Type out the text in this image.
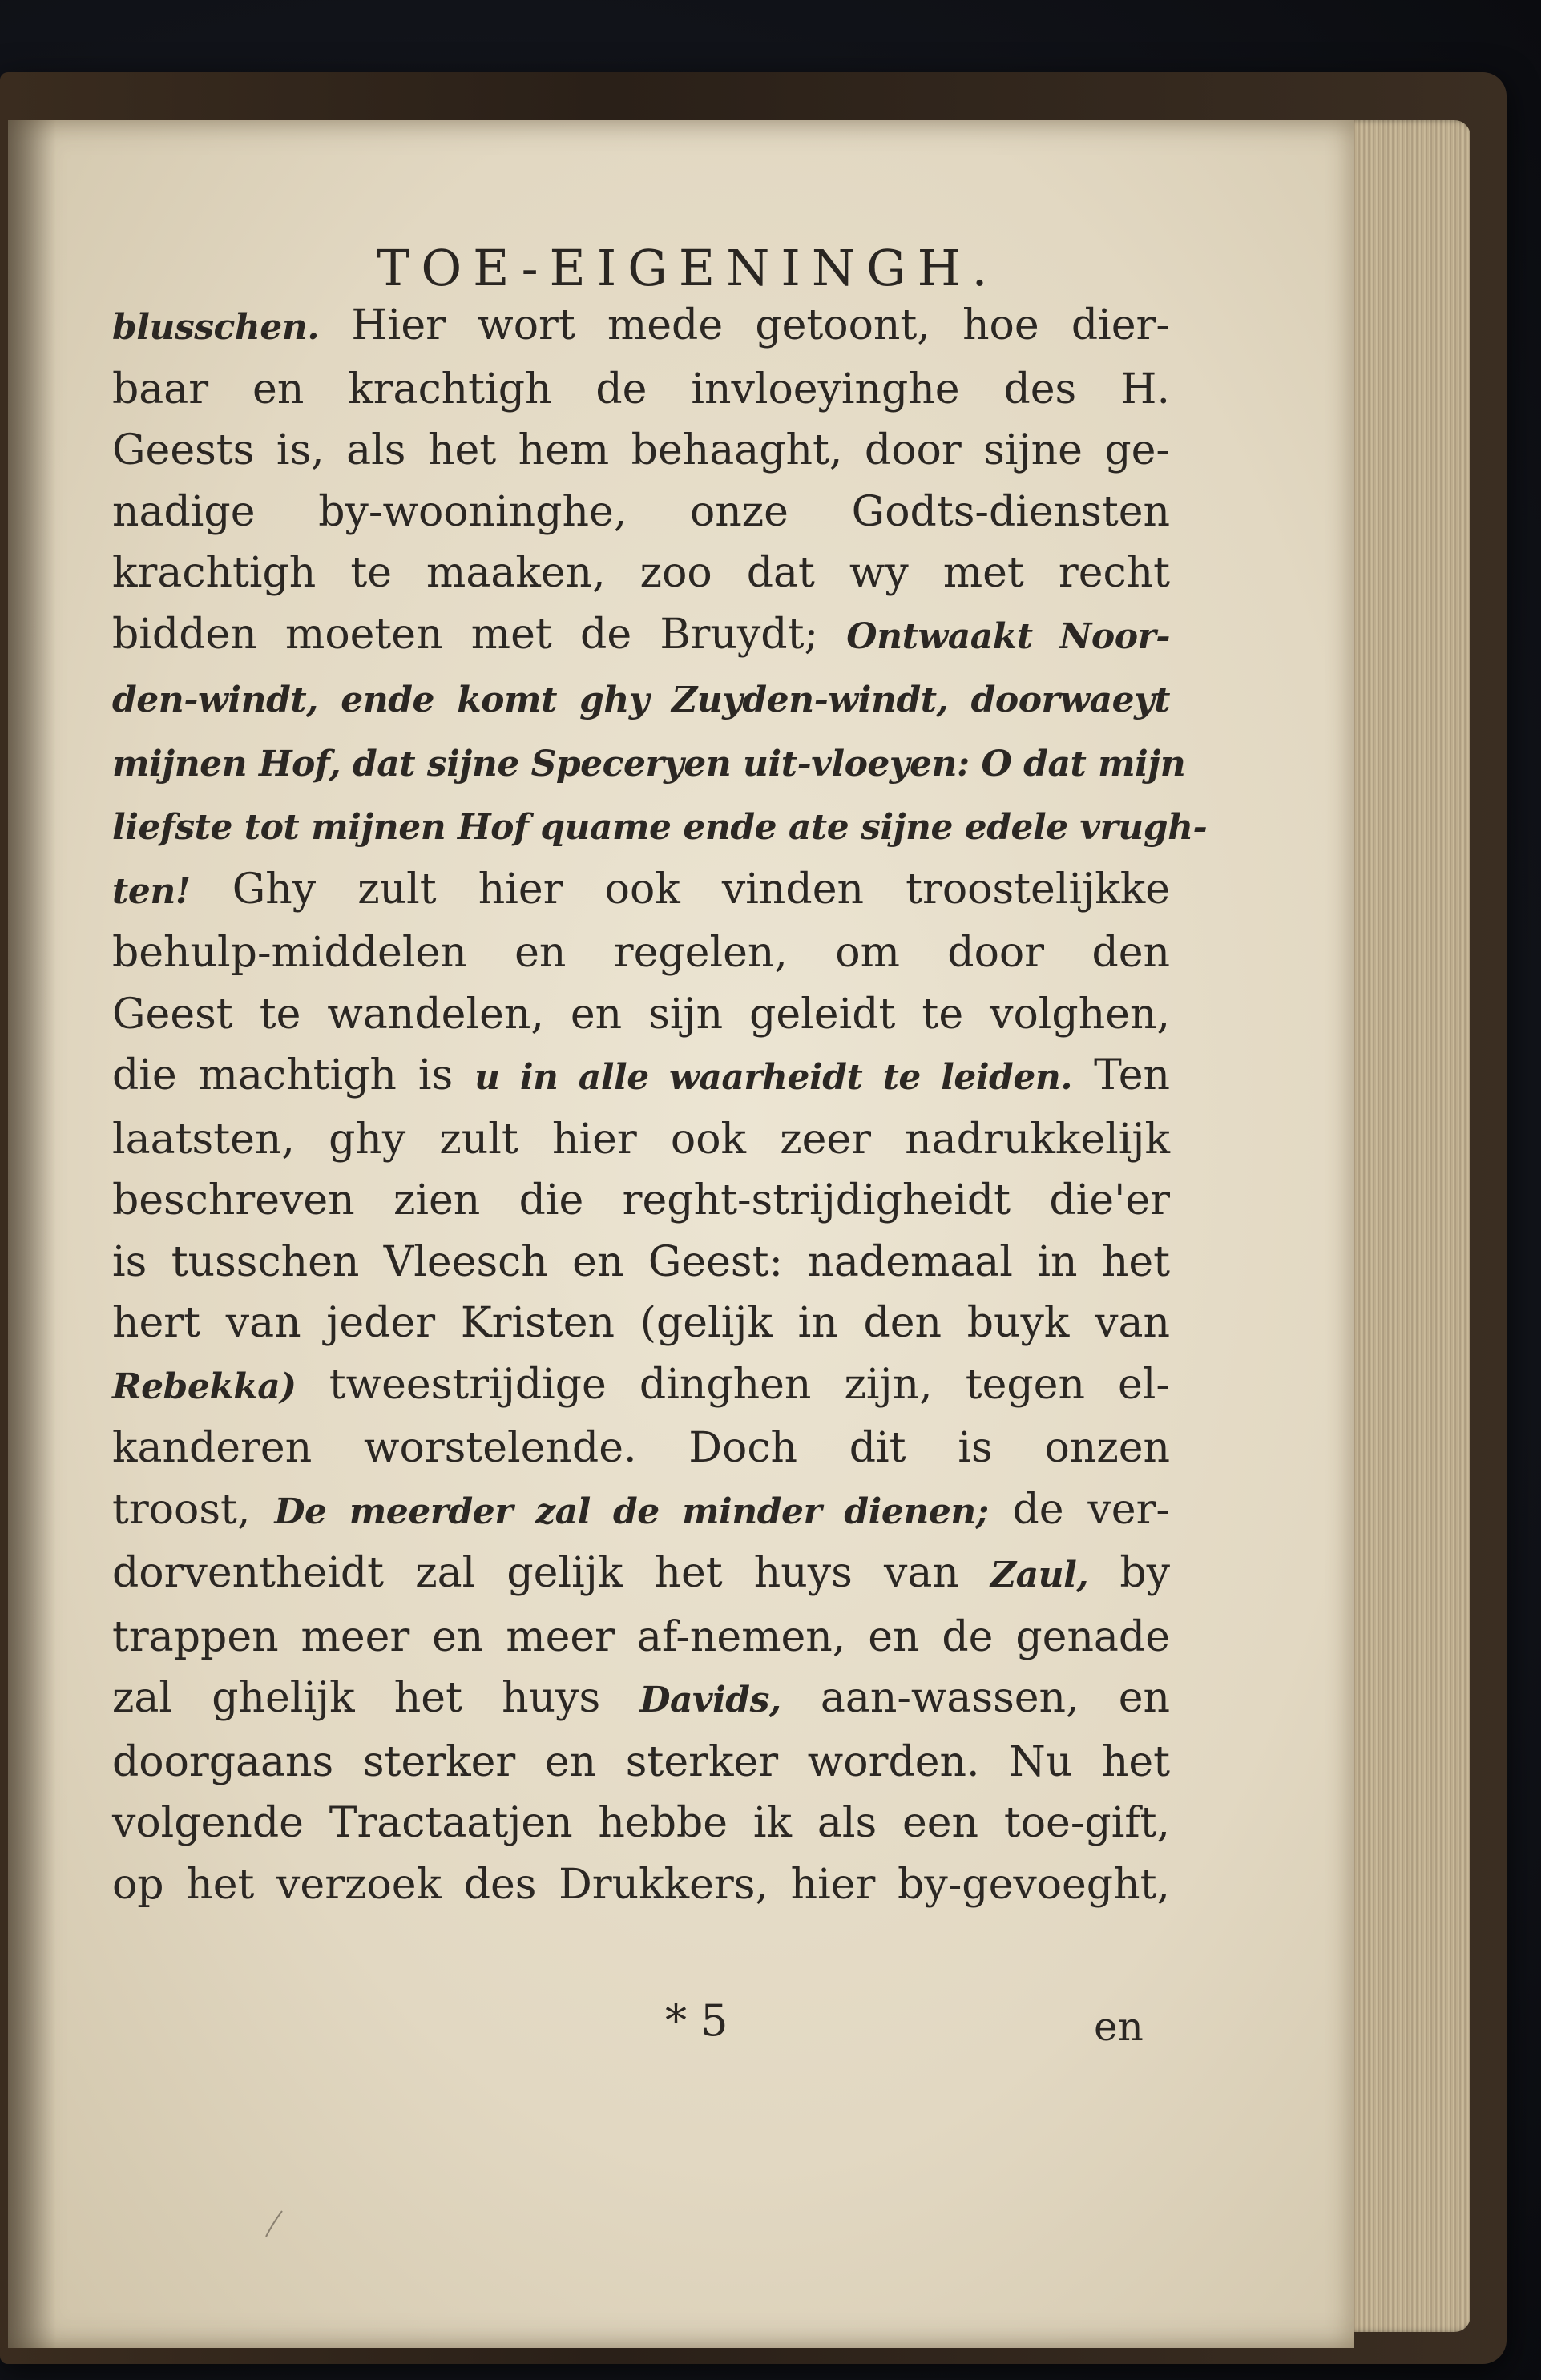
TOE-EIGENINGH.
blusschen. Hier wort mede getoont, hoe dier-
baar en krachtigh de invloeyinghe des H.
Geests is, als het hem behaaght, door sijne ge-
nadige by-wooninghe, onze Godts-diensten
krachtigh te maaken, zoo dat wy met recht
bidden moeten met de Bruydt; Ontwaakt Noor-
den-windt, ende komt ghy Zuyden-windt, doorwaeyt
mijnen Hof, dat sijne Speceryen uit-vloeyen: O dat mijn
liefste tot mijnen Hof quame ende ate sijne edele vrugh-
ten! Ghy zult hier ook vinden troostelijkke
behulp-middelen en regelen, om door den
Geest te wandelen, en sijn geleidt te volghen,
die machtigh is u in alle waarheidt te leiden. Ten
laatsten, ghy zult hier ook zeer nadrukkelijk
beschreven zien die reght-strijdigheidt die'er
is tusschen Vleesch en Geest: nademaal in het
hert van jeder Kristen (gelijk in den buyk van
Rebekka) tweestrijdige dinghen zijn, tegen el-
kanderen worstelende. Doch dit is onzen
troost, De meerder zal de minder dienen; de ver-
dorventheidt zal gelijk het huys van Zaul, by
trappen meer en meer af-nemen, en de genade
zal ghelijk het huys Davids, aan-wassen, en
doorgaans sterker en sterker worden. Nu het
volgende Tractaatjen hebbe ik als een toe-gift,
op het verzoek des Drukkers, hier by-gevoeght,
* 5	en
